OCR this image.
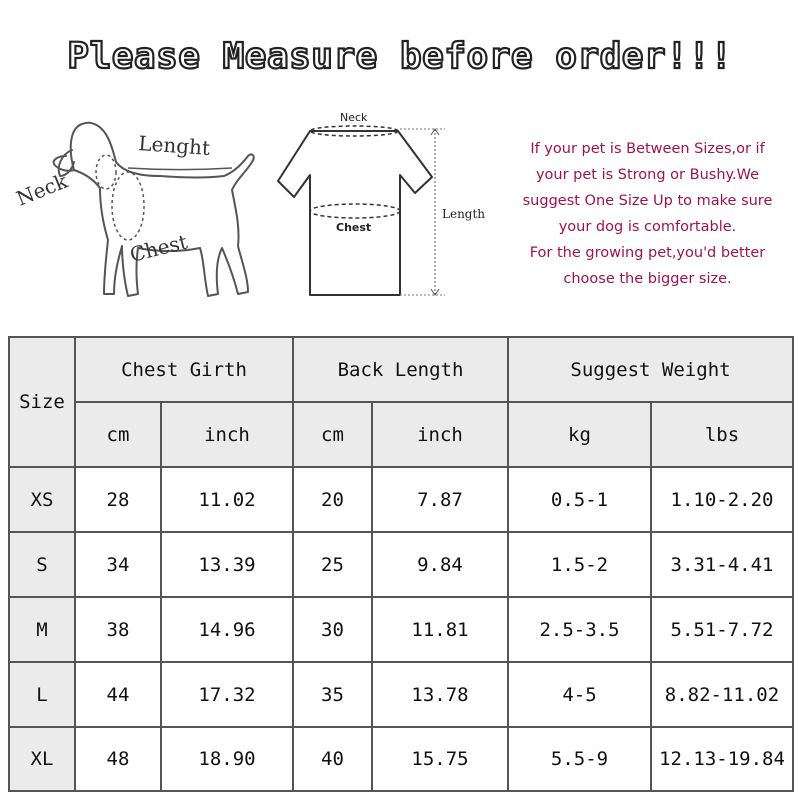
Please Measure before order!!!
Neck
Lenght
Chest
Neck
Chest
Length
If your pet is Between Sizes,or if
your pet is Strong or Bushy.We
suggest One Size Up to make sure
your dog is comfortable.
For the growing pet,you'd better
choose the bigger size.
Size	Chest Girth		Back Length		Suggest Weight	
	cm	inch	cm	inch	kg	lbs
XS	28	11.02	20	7.87	0.5-1	1.10-2.20
S	34	13.39	25	9.84	1.5-2	3.31-4.41
M	38	14.96	30	11.81	2.5-3.5	5.51-7.72
L	44	17.32	35	13.78	4-5	8.82-11.02
XL	48	18.90	40	15.75	5.5-9	12.13-19.84
